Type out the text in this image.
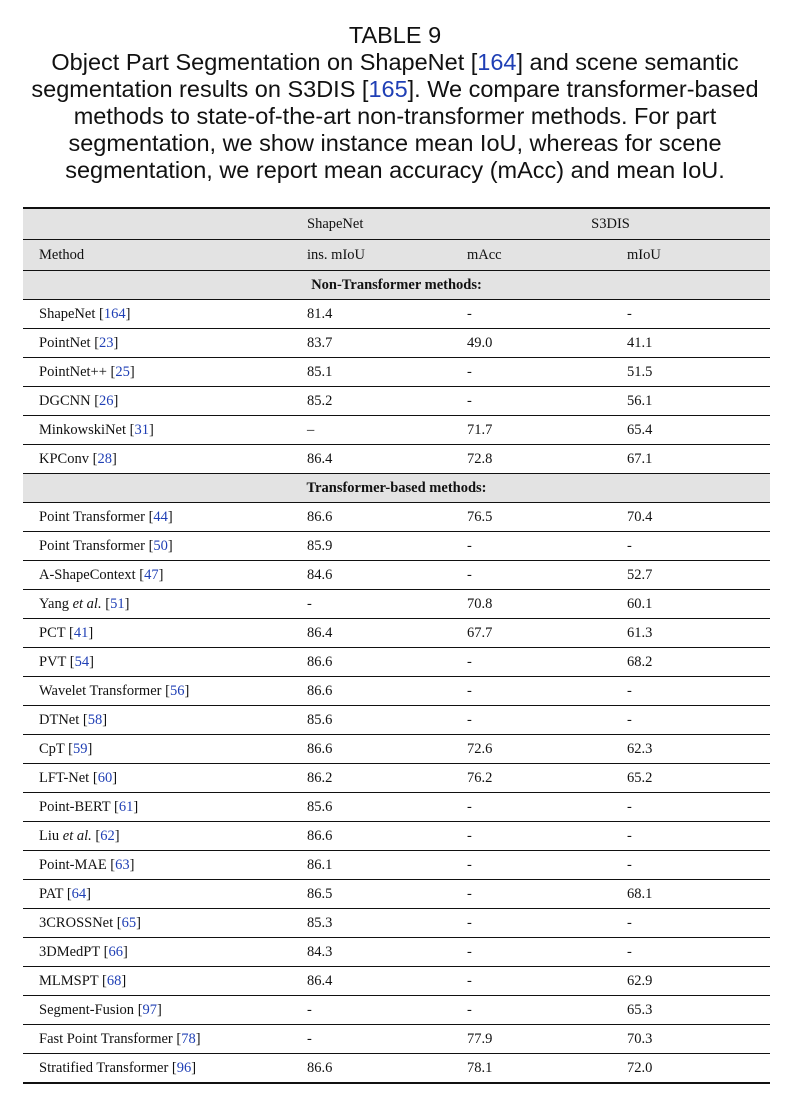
TABLE 9
Object Part Segmentation on ShapeNet [164] and scene semantic segmentation results on S3DIS [165]. We compare transformer-based methods to state-of-the-art non-transformer methods. For part segmentation, we show instance mean IoU, whereas for scene segmentation, we report mean accuracy (mAcc) and mean IoU.
	ShapeNet	S3DIS	
Method	ins. mIoU	mAcc	mIoU
Non-Transformer methods:			
ShapeNet [164]	81.4	-	-
PointNet [23]	83.7	49.0	41.1
PointNet++ [25]	85.1	-	51.5
DGCNN [26]	85.2	-	56.1
MinkowskiNet [31]	–	71.7	65.4
KPConv [28]	86.4	72.8	67.1
Transformer-based methods:			
Point Transformer [44]	86.6	76.5	70.4
Point Transformer [50]	85.9	-	-
A-ShapeContext [47]	84.6	-	52.7
Yang et al. [51]	-	70.8	60.1
PCT [41]	86.4	67.7	61.3
PVT [54]	86.6	-	68.2
Wavelet Transformer [56]	86.6	-	-
DTNet [58]	85.6	-	-
CpT [59]	86.6	72.6	62.3
LFT-Net [60]	86.2	76.2	65.2
Point-BERT [61]	85.6	-	-
Liu et al. [62]	86.6	-	-
Point-MAE [63]	86.1	-	-
PAT [64]	86.5	-	68.1
3CROSSNet [65]	85.3	-	-
3DMedPT [66]	84.3	-	-
MLMSPT [68]	86.4	-	62.9
Segment-Fusion [97]	-	-	65.3
Fast Point Transformer [78]	-	77.9	70.3
Stratified Transformer [96]	86.6	78.1	72.0
